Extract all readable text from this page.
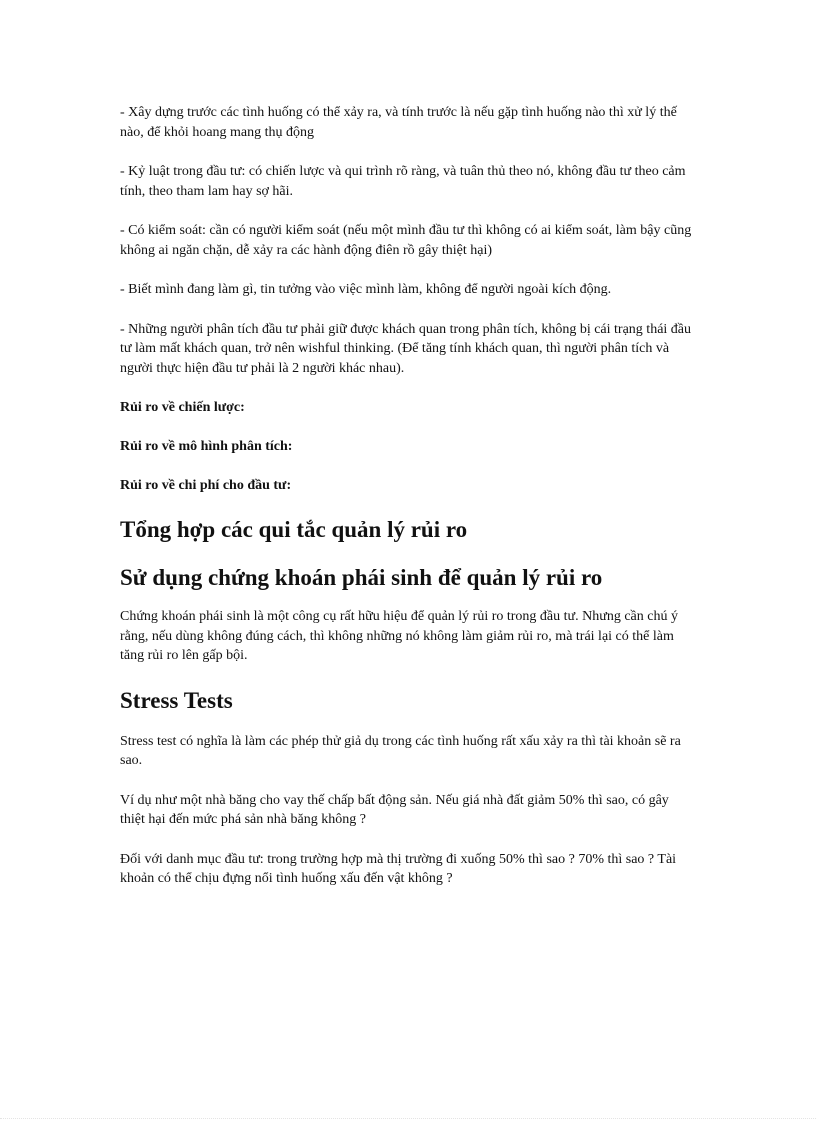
- Xây dựng trước các tình huống có thể xảy ra, và tính trước là nếu gặp tình huống nào thì xử lý thế nào, để khỏi hoang mang thụ động

- Kỷ luật trong đầu tư: có chiến lược và qui trình rõ ràng, và tuân thủ theo nó, không đầu tư theo cảm tính, theo tham lam hay sợ hãi.

- Có kiểm soát: cần có người kiểm soát (nếu một mình đầu tư thì không có ai kiểm soát, làm bậy cũng không ai ngăn chặn, dễ xảy ra các hành động điên rồ gây thiệt hại)

- Biết mình đang làm gì, tin tưởng vào việc mình làm, không để người ngoài kích động.

- Những người phân tích đầu tư phải giữ được khách quan trong phân tích, không bị cái trạng thái đầu tư làm mất khách quan, trở nên wishful thinking. (Để tăng tính khách quan, thì người phân tích và người thực hiện đầu tư phải là 2 người khác nhau).

Rủi ro về chiến lược:

Rủi ro về mô hình phân tích:

Rủi ro về chi phí cho đầu tư:

Tổng hợp các qui tắc quản lý rủi ro
Sử dụng chứng khoán phái sinh để quản lý rủi ro

Chứng khoán phái sinh là một công cụ rất hữu hiệu để quản lý rủi ro trong đầu tư. Nhưng cần chú ý rằng, nếu dùng không đúng cách, thì không những nó không làm giảm rủi ro, mà trái lại có thể làm tăng rủi ro lên gấp bội.

Stress Tests

Stress test có nghĩa là làm các phép thử giả dụ trong các tình huống rất xấu xảy ra thì tài khoản sẽ ra sao.

Ví dụ như một nhà băng cho vay thế chấp bất động sản. Nếu giá nhà đất giảm 50% thì sao, có gây thiệt hại đến mức phá sản nhà băng không ?

Đối với danh mục đầu tư: trong trường hợp mà thị trường đi xuống 50% thì sao ? 70% thì sao ? Tài khoản có thể chịu đựng nổi tình huống xấu đến vật không ?
